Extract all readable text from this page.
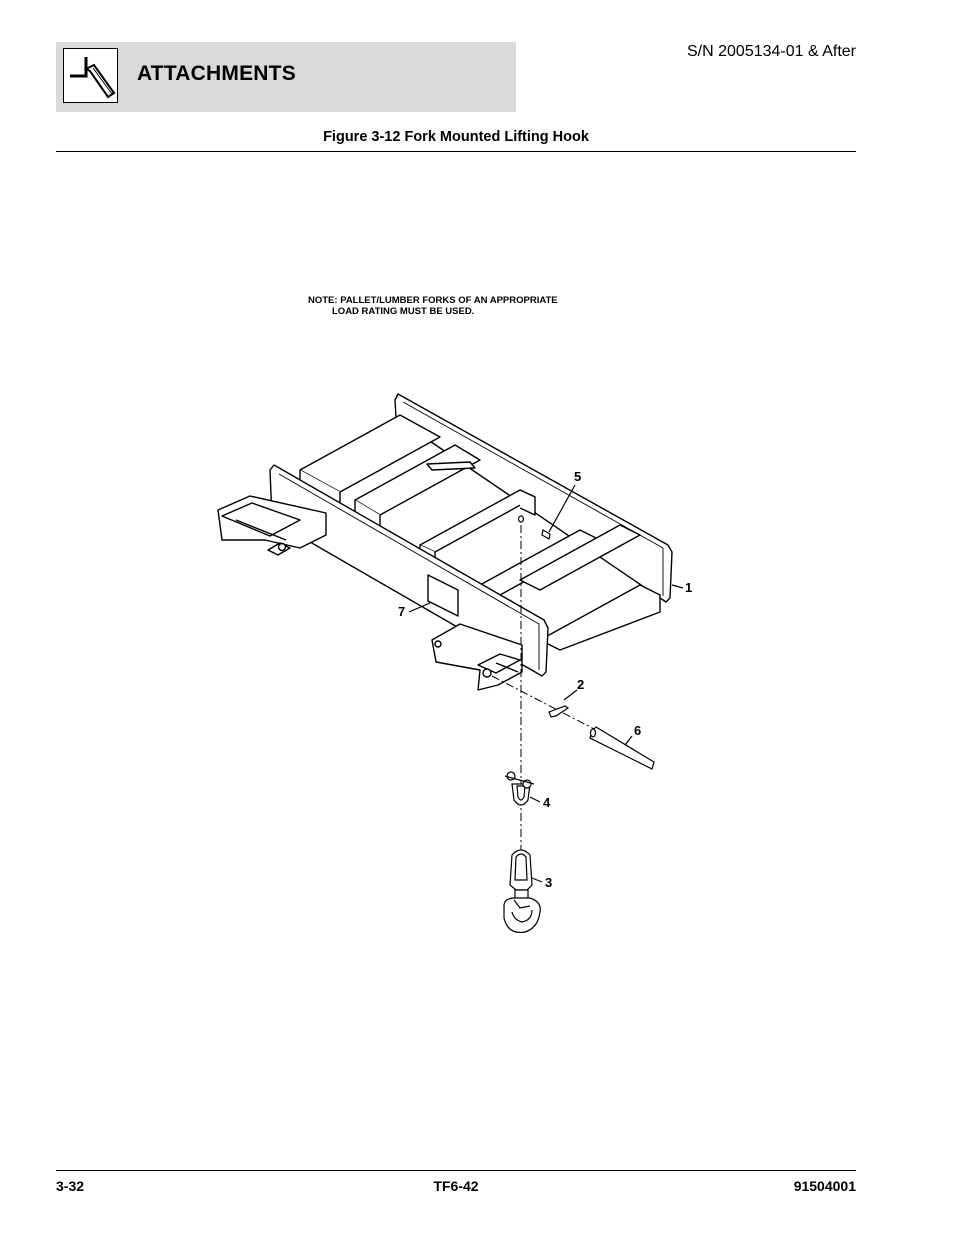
ATTACHMENTS
S/N 2005134-01 & After
Figure 3-12 Fork Mounted Lifting Hook
NOTE: PALLET/LUMBER FORKS OF AN APPROPRIATE
LOAD RATING MUST BE USED.
1
2
3
4
5
6
7
3-32	TF6-42	91504001
